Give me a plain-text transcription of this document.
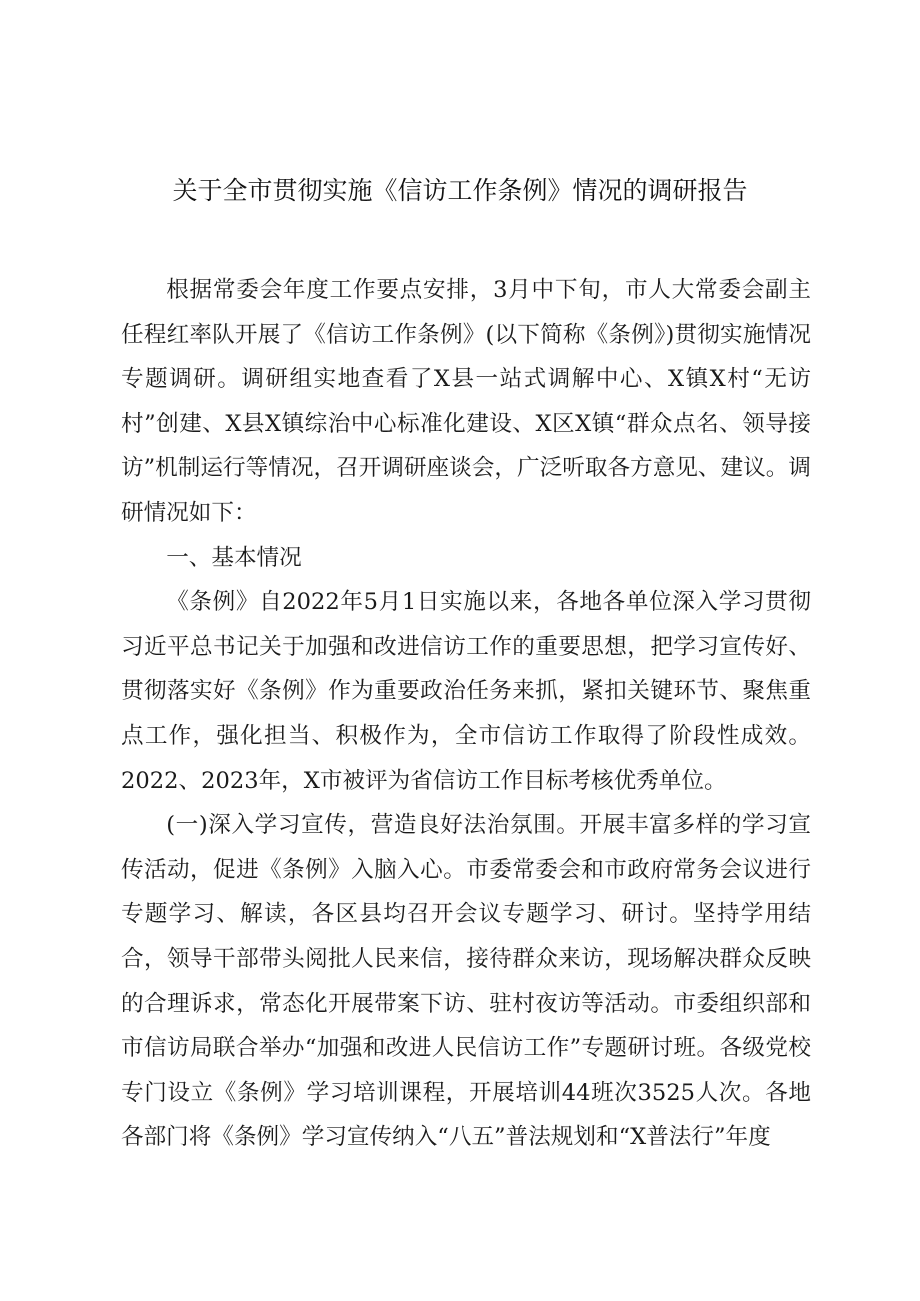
关于全市贯彻实施《信访工作条例》情况的调研报告

根据常委会年度工作要点安排，3月中下旬，市人大常委会副主任程红率队开展了《信访工作条例》(以下简称《条例》)贯彻实施情况专题调研。调研组实地查看了X县一站式调解中心、X镇X村“无访村”创建、X县X镇综治中心标准化建设、X区X镇“群众点名、领导接访”机制运行等情况，召开调研座谈会，广泛听取各方意见、建议。调研情况如下：

一、基本情况

《条例》自2022年5月1日实施以来，各地各单位深入学习贯彻习近平总书记关于加强和改进信访工作的重要思想，把学习宣传好、贯彻落实好《条例》作为重要政治任务来抓，紧扣关键环节、聚焦重点工作，强化担当、积极作为，全市信访工作取得了阶段性成效。2022、2023年，X市被评为省信访工作目标考核优秀单位。

(一)深入学习宣传，营造良好法治氛围。开展丰富多样的学习宣传活动，促进《条例》入脑入心。市委常委会和市政府常务会议进行专题学习、解读，各区县均召开会议专题学习、研讨。坚持学用结合，领导干部带头阅批人民来信，接待群众来访，现场解决群众反映的合理诉求，常态化开展带案下访、驻村夜访等活动。市委组织部和市信访局联合举办“加强和改进人民信访工作”专题研讨班。各级党校专门设立《条例》学习培训课程，开展培训44班次3525人次。各地各部门将《条例》学习宣传纳入“八五”普法规划和“X普法行”年度
